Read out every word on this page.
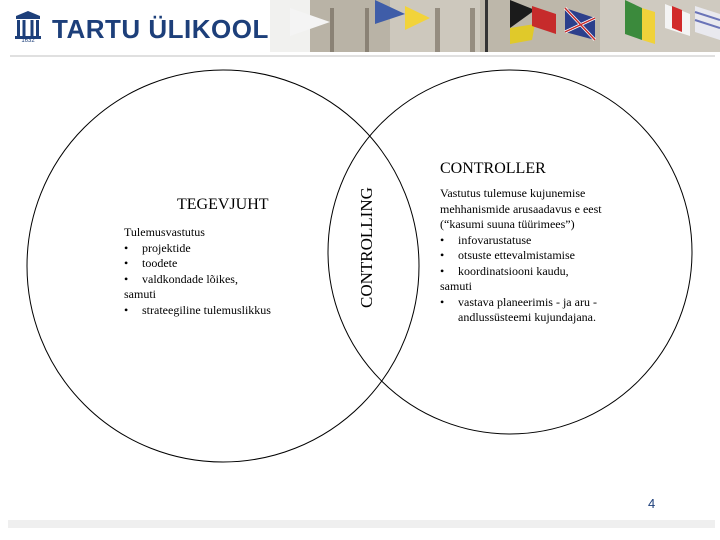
1632 TARTU ÜLIKOOL
TEGEVJUHT
Tulemusvastutus
• projektide
• toodete
• valdkondade lõikes,
samuti
• strateegiline tulemuslikkus
CONTROLLING
CONTROLLER
Vastutus tulemuse kujunemise
mehhanismide arusaadavus e eest
(“kasumi suuna tüürimees”)
• infovarustatuse
• otsuste ettevalmistamise
• koordinatsiooni kaudu,
samuti
• vastava planeerimis - ja aru -
andlussüsteemi kujundajana.
4
